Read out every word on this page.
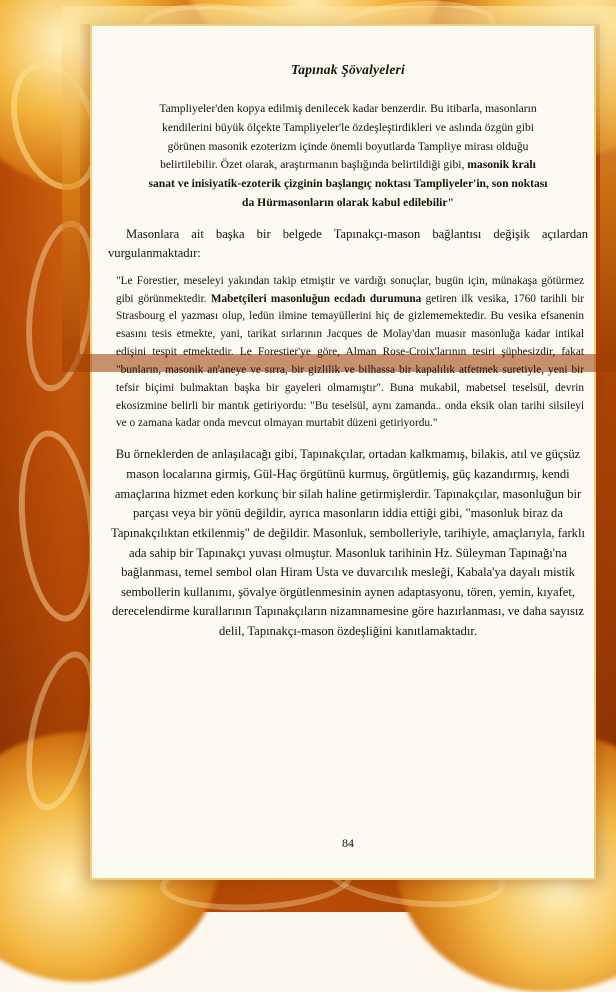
Tapınak Şövalyeleri
Tampliyeler'den kopya edilmiş denilecek kadar benzerdir. Bu itibarla, masonların kendilerini büyük ölçekte Tampliyeler'le özdeşleştirdikleri ve aslında özgün gibi görünen masonik ezoterizm içinde önemli boyutlarda Tampliye mirası olduğu belirtilebilir. Özet olarak, araştırmanın başlığında belirtildiği gibi, masonik kralı sanat ve inisiyatik-ezoterik çizginin başlangıç noktası Tampliyeler'in, son noktası da Hürmasonların olarak kabul edilebilir"
Masonlara ait başka bir belgede Tapınakçı-mason bağlantısı değişik açılardan vurgulanmaktadır:
"Le Forestier, meseleyi yakından takip etmiştir ve vardığı sonuçlar, bugün için, münakaşa götürmez gibi görünmektedir. Mabetçileri masonluğun ecdadı durumuna getiren ilk vesika, 1760 tarihli bir Strasbourg el yazması olup, ledün ilmine temayüllerini hiç de gizlememektedir. Bu vesika efsanenin esasını tesis etmekte, yani, tarikat sırlarının Jacques de Molay'dan muasır masonluğa kadar intikal edişini tespit etmektedir. Le Forestier'ye göre, Alman Rose-Croix'larının tesiri şüphesizdir, fakat "bunların, masonik an'aneye ve sırra, bir gizlilik ve bilhassa bir kapalılık atfetmek suretiyle, yeni bir tefsir biçimi bulmaktan başka bir gayeleri olmamıştır". Buna mukabil, mabetsel teselsül, devrin ekosizmine belirli bir mantık getiriyordu: "Bu teselsül, aynı zamanda.. onda eksik olan tarihi silsileyi ve o zamana kadar onda mevcut olmayan murtabit düzeni getiriyordu."
Bu örneklerden de anlaşılacağı gibi, Tapınakçılar, ortadan kalkmamış, bilakis, atıl ve güçsüz mason localarına girmiş, Gül-Haç örgütünü kurmuş, örgütlemiş, güç kazandırmış, kendi amaçlarına hizmet eden korkunç bir silah haline getirmişlerdir. Tapınakçılar, masonluğun bir parçası veya bir yönü değildir, ayrıca masonların iddia ettiği gibi, "masonluk biraz da Tapınakçılıktan etkilenmiş" de değildir. Masonluk, sembolleriyle, tarihiyle, amaçlarıyla, farklı ada sahip bir Tapınakçı yuvası olmuştur. Masonluk tarihinin Hz. Süleyman Tapınağı'na bağlanması, temel sembol olan Hiram Usta ve duvarcılık mesleği, Kabala'ya dayalı mistik sembollerin kullanımı, şövalye örgütlenmesinin aynen adaptasyonu, tören, yemin, kıyafet, derecelendirme kurallarının Tapınakçıların nizamnamesine göre hazırlanması, ve daha sayısız delil, Tapınakçı-mason özdeşliğini kanıtlamaktadır.
84
